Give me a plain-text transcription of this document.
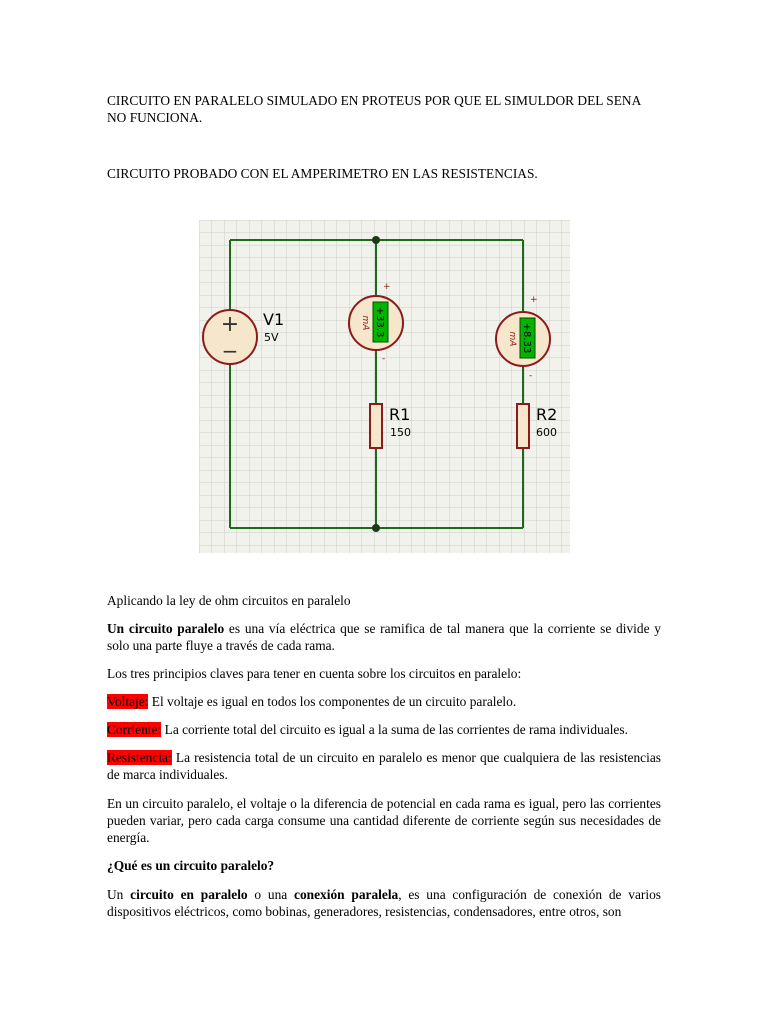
CIRCUITO EN PARALELO SIMULADO EN PROTEUS POR QUE EL SIMULDOR DEL SENA NO FUNCIONA.

CIRCUITO PROBADO CON EL AMPERIMETRO EN LAS RESISTENCIAS.

+
−
V1
5V
+33.3
mA
+
-
+8.33
mA
+
-
R1
150
R2
600

Aplicando la ley de ohm circuitos en paralelo

Un circuito paralelo es una vía eléctrica que se ramifica de tal manera que la corriente se divide y solo una parte fluye a través de cada rama.

Los tres principios claves para tener en cuenta sobre los circuitos en paralelo:

Voltaje: El voltaje es igual en todos los componentes de un circuito paralelo.

Corriente: La corriente total del circuito es igual a la suma de las corrientes de rama individuales.

Resistencia: La resistencia total de un circuito en paralelo es menor que cualquiera de las resistencias de marca individuales.

En un circuito paralelo, el voltaje o la diferencia de potencial en cada rama es igual, pero las corrientes pueden variar, pero cada carga consume una cantidad diferente de corriente según sus necesidades de energía.

¿Qué es un circuito paralelo?

Un circuito en paralelo o una conexión paralela, es una configuración de conexión de varios dispositivos eléctricos, como bobinas, generadores, resistencias, condensadores, entre otros, son
